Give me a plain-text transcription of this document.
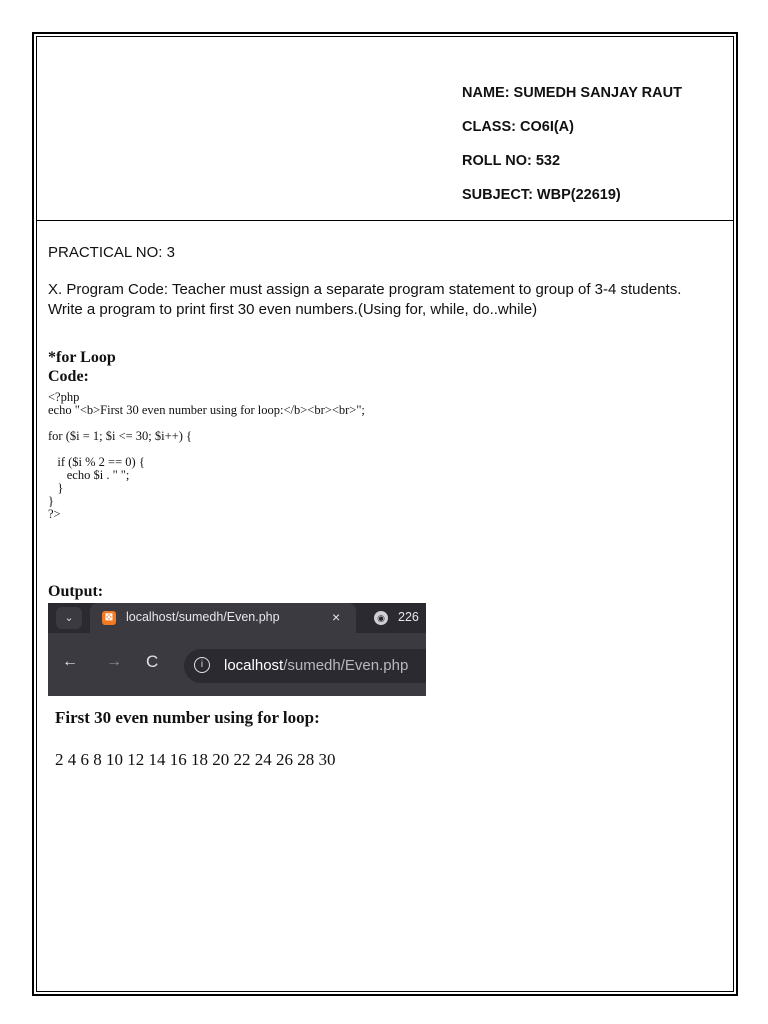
NAME: SUMEDH SANJAY RAUT
CLASS: CO6I(A)
ROLL NO: 532
SUBJECT: WBP(22619)
PRACTICAL NO: 3
X. Program Code: Teacher must assign a separate program statement to group of 3-4 students. Write a program to print first 30 even numbers.(Using for, while, do..while)
*for Loop
Code:
<?php
echo "<b>First 30 even number using for loop:</b><br><br>";

for ($i = 1; $i <= 30; $i++) {

if ($i % 2 == 0) {
echo $i . " ";
}
}
?>
Output:
⌄	⊠ localhost/sumedh/Even.php	×	◉ 226
← → C	i	localhost/sumedh/Even.php
First 30 even number using for loop:
2 4 6 8 10 12 14 16 18 20 22 24 26 28 30
